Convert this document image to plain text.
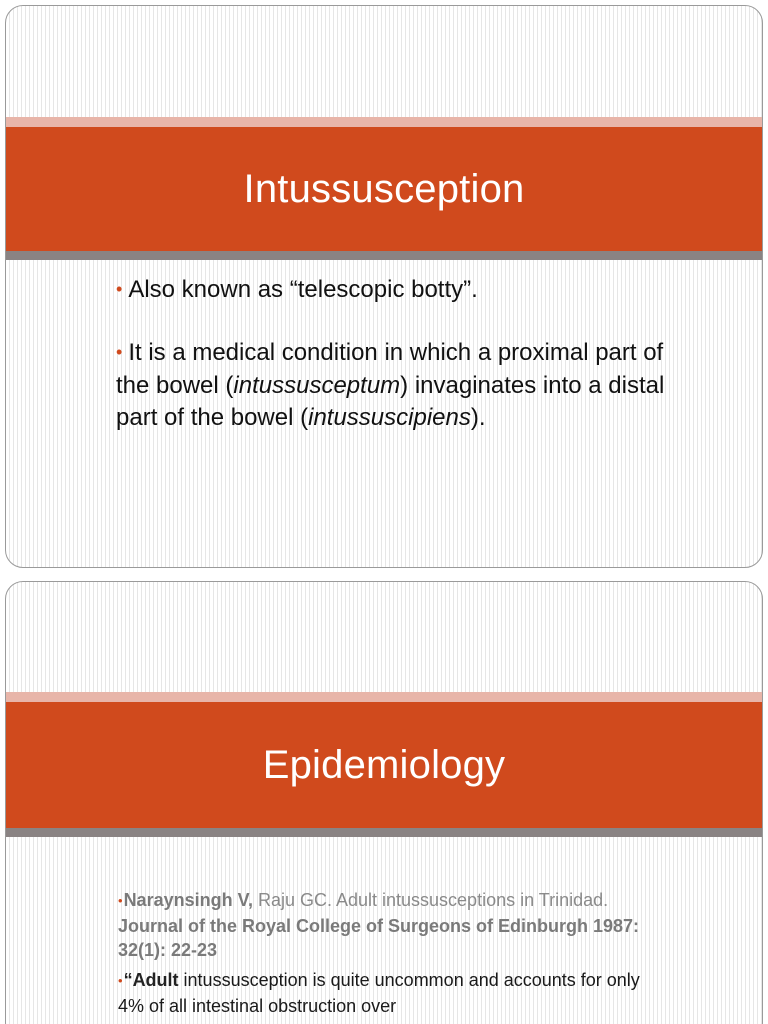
Intussusception

• Also known as “telescopic botty”.

• It is a medical condition in which a proximal part of the bowel (intussusceptum) invaginates into a distal part of the bowel (intussuscipiens).

Epidemiology

•Naraynsingh V, Raju GC. Adult intussusceptions in Trinidad. Journal of the Royal College of Surgeons of Edinburgh 1987: 32(1): 22-23

•“Adult intussusception is quite uncommon and accounts for only 4% of all intestinal obstruction over
